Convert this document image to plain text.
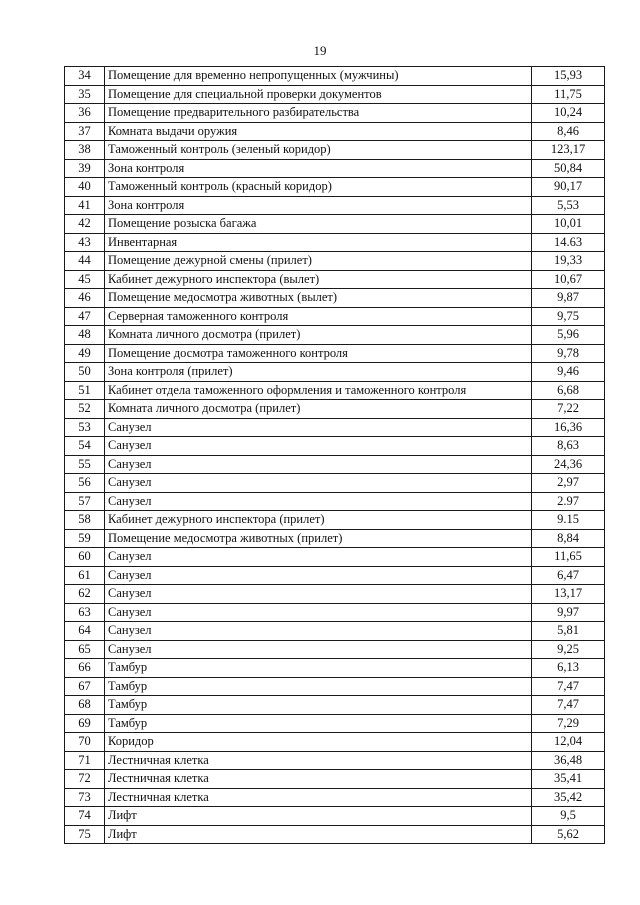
19
34	Помещение для временно непропущенных (мужчины)	15,93
35	Помещение для специальной проверки документов	11,75
36	Помещение предварительного разбирательства	10,24
37	Комната выдачи оружия	8,46
38	Таможенный контроль (зеленый коридор)	123,17
39	Зона контроля	50,84
40	Таможенный контроль (красный коридор)	90,17
41	Зона контроля	5,53
42	Помещение розыска багажа	10,01
43	Инвентарная	14.63
44	Помещение дежурной смены (прилет)	19,33
45	Кабинет дежурного инспектора (вылет)	10,67
46	Помещение медосмотра животных (вылет)	9,87
47	Серверная таможенного контроля	9,75
48	Комната личного досмотра (прилет)	5,96
49	Помещение досмотра таможенного контроля	9,78
50	Зона контроля (прилет)	9,46
51	Кабинет отдела таможенного оформления и таможенного контроля	6,68
52	Комната личного досмотра (прилет)	7,22
53	Санузел	16,36
54	Санузел	8,63
55	Санузел	24,36
56	Санузел	2,97
57	Санузел	2.97
58	Кабинет дежурного инспектора (прилет)	9.15
59	Помещение медосмотра животных (прилет)	8,84
60	Санузел	11,65
61	Санузел	6,47
62	Санузел	13,17
63	Санузел	9,97
64	Санузел	5,81
65	Санузел	9,25
66	Тамбур	6,13
67	Тамбур	7,47
68	Тамбур	7,47
69	Тамбур	7,29
70	Коридор	12,04
71	Лестничная клетка	36,48
72	Лестничная клетка	35,41
73	Лестничная клетка	35,42
74	Лифт	9,5
75	Лифт	5,62
